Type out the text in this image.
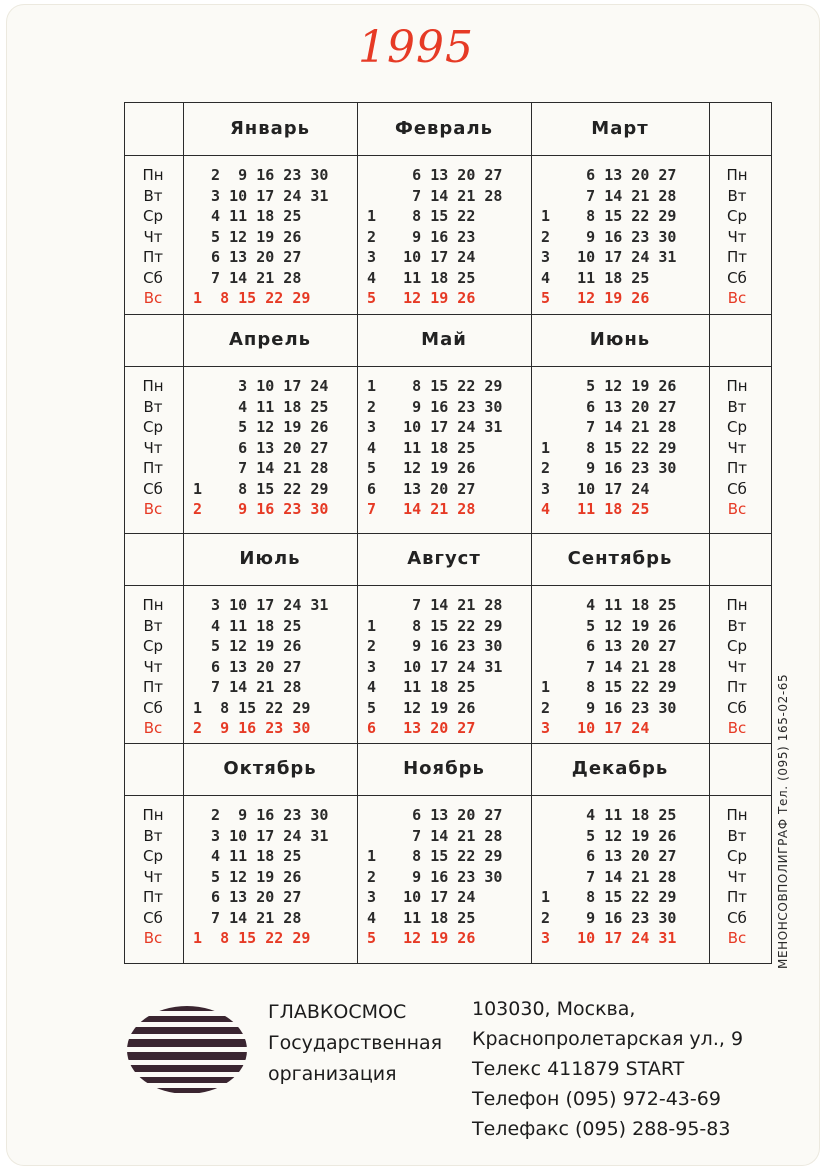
1995
Пн
Вт
Ср
Чт
Пт
Сб
Вс
Пн
Вт
Ср
Чт
Пт
Сб
Вс
Январь
2  9 16 23 30
3 10 17 24 31
4 11 18 25
5 12 19 26
6 13 20 27
7 14 21 28
1  8 15 22 29
Февраль
6 13 20 27
7 14 21 28
1    8 15 22
2    9 16 23
3   10 17 24
4   11 18 25
5   12 19 26
Март
6 13 20 27
7 14 21 28
1    8 15 22 29
2    9 16 23 30
3   10 17 24 31
4   11 18 25
5   12 19 26
Пн
Вт
Ср
Чт
Пт
Сб
Вс
Пн
Вт
Ср
Чт
Пт
Сб
Вс
Апрель
3 10 17 24
4 11 18 25
5 12 19 26
6 13 20 27
7 14 21 28
1    8 15 22 29
2    9 16 23 30
Май
1    8 15 22 29
2    9 16 23 30
3   10 17 24 31
4   11 18 25
5   12 19 26
6   13 20 27
7   14 21 28
Июнь
5 12 19 26
6 13 20 27
7 14 21 28
1    8 15 22 29
2    9 16 23 30
3   10 17 24
4   11 18 25
Пн
Вт
Ср
Чт
Пт
Сб
Вс
Пн
Вт
Ср
Чт
Пт
Сб
Вс
Июль
3 10 17 24 31
4 11 18 25
5 12 19 26
6 13 20 27
7 14 21 28
1  8 15 22 29
2  9 16 23 30
Август
7 14 21 28
1    8 15 22 29
2    9 16 23 30
3   10 17 24 31
4   11 18 25
5   12 19 26
6   13 20 27
Сентябрь
4 11 18 25
5 12 19 26
6 13 20 27
7 14 21 28
1    8 15 22 29
2    9 16 23 30
3   10 17 24
Пн
Вт
Ср
Чт
Пт
Сб
Вс
Пн
Вт
Ср
Чт
Пт
Сб
Вс
Октябрь
2  9 16 23 30
3 10 17 24 31
4 11 18 25
5 12 19 26
6 13 20 27
7 14 21 28
1  8 15 22 29
Ноябрь
6 13 20 27
7 14 21 28
1    8 15 22 29
2    9 16 23 30
3   10 17 24
4   11 18 25
5   12 19 26
Декабрь
4 11 18 25
5 12 19 26
6 13 20 27
7 14 21 28
1    8 15 22 29
2    9 16 23 30
3   10 17 24 31	МЕНОНСОВПОЛИГРАФ Тел. (095) 165-02-65
ГЛАВКОСМОС
Государственная
организация
103030, Москва,
Краснопролетарская ул., 9
Телекс 411879 START
Телефон (095) 972-43-69
Телефакс (095) 288-95-83
